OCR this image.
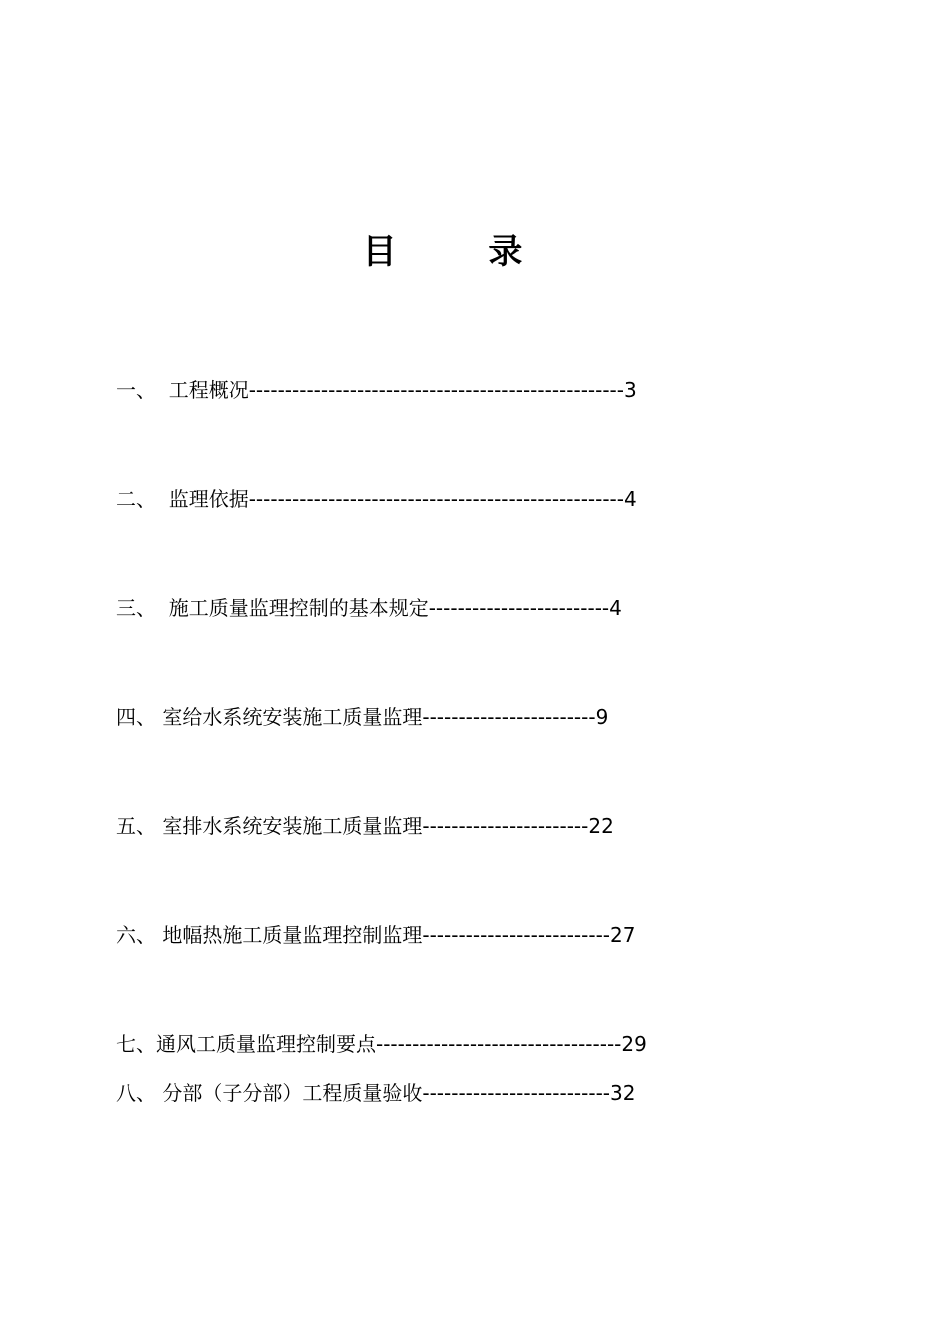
目 录
一、 工程概况----------------------------------------------------3
二、 监理依据----------------------------------------------------4
三、 施工质量监理控制的基本规定-------------------------4
四、 室给水系统安装施工质量监理------------------------9
五、 室排水系统安装施工质量监理-----------------------22
六、 地幅热施工质量监理控制监理--------------------------27
七、通风工质量监理控制要点----------------------------------29
八、 分部（子分部）工程质量验收--------------------------32
